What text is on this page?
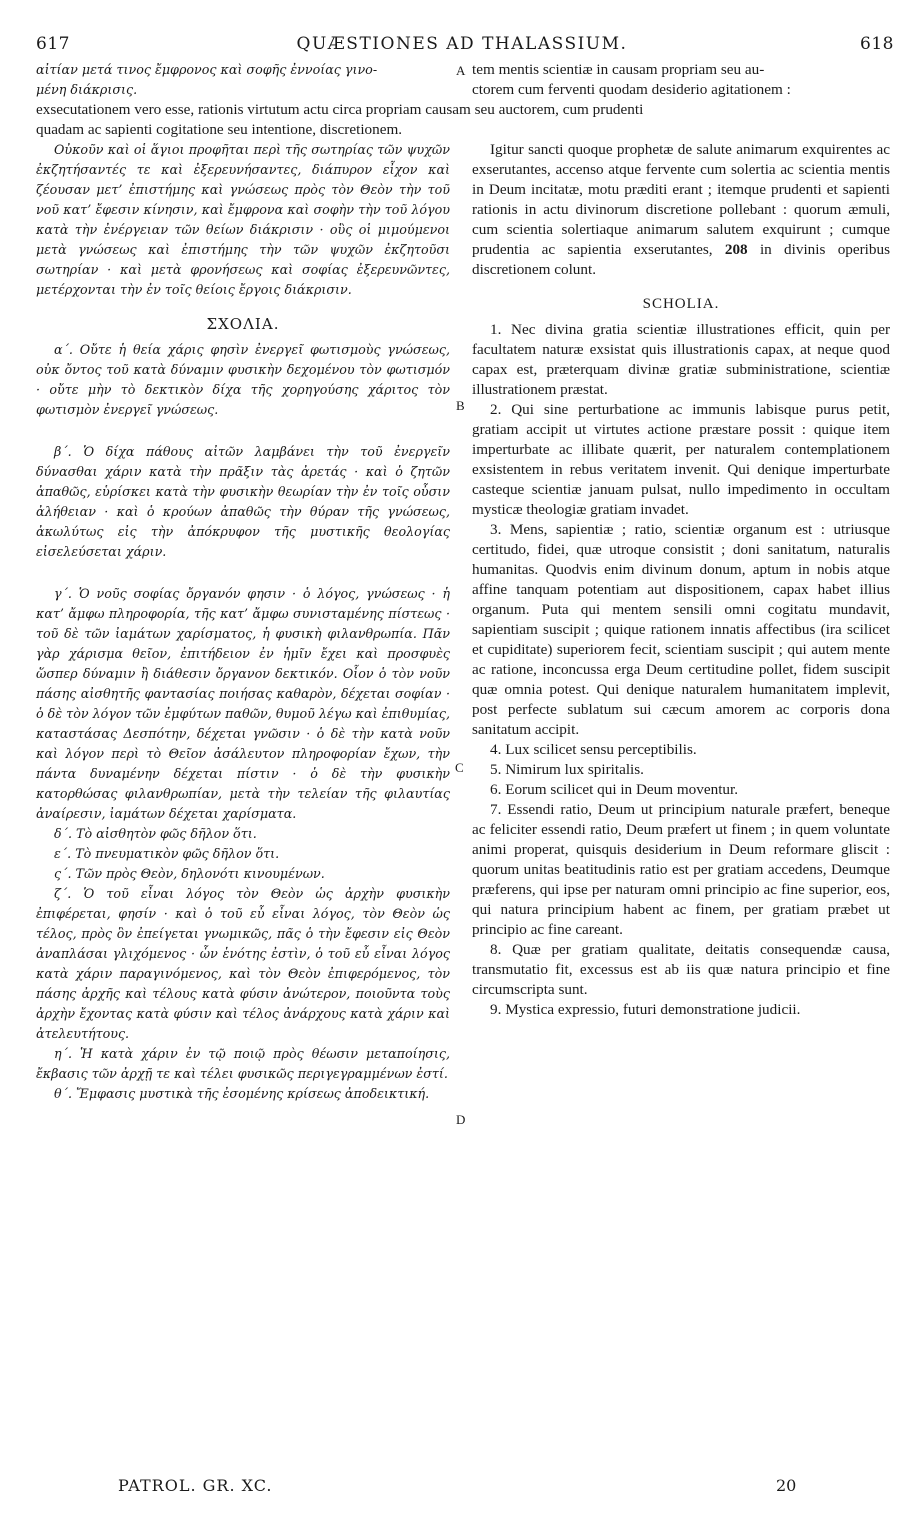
617	QUÆSTIONES AD THALASSIUM.	618
αἰτίαν μετά τινος ἔμφρονος καὶ σοφῆς ἐννοίας γινο-
μένη διάκρισις.
A tem mentis scientiæ in causam propriam seu au-
ctorem cum ferventi quodam desiderio agitationem :
exsecutationem vero esse, rationis virtutum actu circa propriam causam seu auctorem, cum prudenti
quadam ac sapienti cogitatione seu intentione, discretionem.

Οὐκοῦν καὶ οἱ ἅγιοι προφῆται περὶ τῆς σωτηρίας τῶν ψυχῶν ἐκζητήσαντές τε καὶ ἐξερευνήσαντες, διάπυρον εἶχον καὶ ζέουσαν μετ’ ἐπιστήμης καὶ γνώσεως πρὸς τὸν Θεὸν τὴν τοῦ νοῦ κατ’ ἔφεσιν κίνησιν, καὶ ἔμφρονα καὶ σοφὴν τὴν τοῦ λόγου κατὰ τὴν ἐνέργειαν τῶν θείων διάκρισιν · οὓς οἱ μιμούμενοι μετὰ γνώσεως καὶ ἐπιστήμης τὴν τῶν ψυχῶν ἐκζητοῦσι σωτηρίαν · καὶ μετὰ φρονήσεως καὶ σοφίας ἐξερευνῶντες, μετέρχονται τὴν ἐν τοῖς θείοις ἔργοις διάκρισιν.

ΣΧΟΛΙΑ.

α΄. Οὔτε ἡ θεία χάρις φησὶν ἐνεργεῖ φωτισμοὺς γνώσεως, οὐκ ὄντος τοῦ κατὰ δύναμιν φυσικὴν δεχομένου τὸν φωτισμόν · οὔτε μὴν τὸ δεκτικὸν δίχα τῆς χορηγούσης χάριτος τὸν φωτισμὸν ἐνεργεῖ γνώσεως.

β΄. Ὁ δίχα πάθους αἰτῶν λαμβάνει τὴν τοῦ ἐνεργεῖν δύνασθαι χάριν κατὰ τὴν πρᾶξιν τὰς ἀρετάς · καὶ ὁ ζητῶν ἀπαθῶς, εὑρίσκει κατὰ τὴν φυσικὴν θεωρίαν τὴν ἐν τοῖς οὖσιν ἀλήθειαν · καὶ ὁ κρούων ἀπαθῶς τὴν θύραν τῆς γνώσεως, ἀκωλύτως εἰς τὴν ἀπόκρυφον τῆς μυστικῆς θεολογίας εἰσελεύσεται χάριν.

γ΄. Ὁ νοῦς σοφίας ὄργανόν φησιν · ὁ λόγος, γνώσεως · ἡ κατ’ ἄμφω πληροφορία, τῆς κατ’ ἄμφω συνισταμένης πίστεως · τοῦ δὲ τῶν ἰαμάτων χαρίσματος, ἡ φυσικὴ φιλανθρωπία. Πᾶν γὰρ χάρισμα θεῖον, ἐπιτήδειον ἐν ἡμῖν ἔχει καὶ προσφυὲς ὥσπερ δύναμιν ἢ διάθεσιν ὄργανον δεκτικόν. Οἷον ὁ τὸν νοῦν πάσης αἰσθητῆς φαντασίας ποιήσας καθαρὸν, δέχεται σοφίαν · ὁ δὲ τὸν λόγον τῶν ἐμφύτων παθῶν, θυμοῦ λέγω καὶ ἐπιθυμίας, καταστάσας Δεσπότην, δέχεται γνῶσιν · ὁ δὲ τὴν κατὰ νοῦν καὶ λόγον περὶ τὸ Θεῖον ἀσάλευτον πληροφορίαν ἔχων, τὴν πάντα δυναμένην δέχεται πίστιν · ὁ δὲ τὴν φυσικὴν κατορθώσας φιλανθρωπίαν, μετὰ τὴν τελείαν τῆς φιλαυτίας ἀναίρεσιν, ἰαμάτων δέχεται χαρίσματα.

δ΄. Τὸ αἰσθητὸν φῶς δῆλον ὅτι.

ε΄. Τὸ πνευματικὸν φῶς δῆλον ὅτι.

ς΄. Τῶν πρὸς Θεὸν, δηλονότι κινουμένων.

ζ΄. Ὁ τοῦ εἶναι λόγος τὸν Θεὸν ὡς ἀρχὴν φυσικὴν ἐπιφέρεται, φησίν · καὶ ὁ τοῦ εὖ εἶναι λόγος, τὸν Θεὸν ὡς τέλος, πρὸς ὃν ἐπείγεται γνωμικῶς, πᾶς ὁ τὴν ἔφεσιν εἰς Θεὸν ἀναπλάσαι γλιχόμενος · ὧν ἑνότης ἐστὶν, ὁ τοῦ εὖ εἶναι λόγος κατὰ χάριν παραγινόμενος, καὶ τὸν Θεὸν ἐπιφερόμενος, τὸν πάσης ἀρχῆς καὶ τέλους κατὰ φύσιν ἀνώτερον, ποιοῦντα τοὺς ἀρχὴν ἔχοντας κατὰ φύσιν καὶ τέλος ἀνάρχους κατὰ χάριν καὶ ἀτελευτήτους.

η΄. Ἡ κατὰ χάριν ἐν τῷ ποιῷ πρὸς θέωσιν μεταποίησις, ἔκβασις τῶν ἀρχῇ τε καὶ τέλει φυσικῶς περιγεγραμμένων ἐστί.

θ΄. Ἔμφασις μυστικὰ τῆς ἐσομένης κρίσεως ἀποδεικτική.

B
C
D

Igitur sancti quoque prophetæ de salute animarum exquirentes ac exserutantes, accenso atque fervente cum solertia ac scientia mentis in Deum incitatæ, motu præditi erant ; itemque prudenti et sapienti rationis in actu divinorum discretione pollebant : quorum æmuli, cum scientia solertiaque animarum salutem exquirunt ; cumque prudentia ac sapientia exserutantes, 208 in divinis operibus discretionem colunt.

SCHOLIA.

1. Nec divina gratia scientiæ illustrationes efficit, quin per facultatem naturæ exsistat quis illustrationis capax, at neque quod capax est, præterquam divinæ gratiæ subministratione, scientiæ illustrationem præstat.

2. Qui sine perturbatione ac immunis labisque purus petit, gratiam accipit ut virtutes actione præstare possit : quique item imperturbate ac illibate quærit, per naturalem contemplationem exsistentem in rebus veritatem invenit. Qui denique imperturbate casteque scientiæ januam pulsat, nullo impedimento in occultam mysticæ theologiæ gratiam invadet.

3. Mens, sapientiæ ; ratio, scientiæ organum est : utriusque certitudo, fidei, quæ utroque consistit ; doni sanitatum, naturalis humanitas. Quodvis enim divinum donum, aptum in nobis atque affine tanquam potentiam aut dispositionem, capax habet illius organum. Puta qui mentem sensili omni cogitatu mundavit, sapientiam suscipit ; quique rationem innatis affectibus (ira scilicet et cupiditate) superiorem fecit, scientiam suscipit ; qui autem mente ac ratione, inconcussa erga Deum certitudine pollet, fidem suscipit quæ omnia potest. Qui denique naturalem humanitatem implevit, post perfecte sublatum sui cæcum amorem ac corporis dona sanitatum accipit.

4. Lux scilicet sensu perceptibilis.

5. Nimirum lux spiritalis.

6. Eorum scilicet qui in Deum moventur.

7. Essendi ratio, Deum ut principium naturale præfert, beneque ac feliciter essendi ratio, Deum præfert ut finem ; in quem voluntate animi properat, quisquis desiderium in Deum reformare gliscit : quorum unitas beatitudinis ratio est per gratiam accedens, Deumque præferens, qui ipse per naturam omni principio ac fine superior, eos, qui natura principium habent ac finem, per gratiam præbet ut principio ac fine careant.

8. Quæ per gratiam qualitate, deitatis consequendæ causa, transmutatio fit, excessus est ab iis quæ natura principio et fine circumscripta sunt.

9. Mystica expressio, futuri demonstratione judicii.

PATROL. GR. XC.	20
